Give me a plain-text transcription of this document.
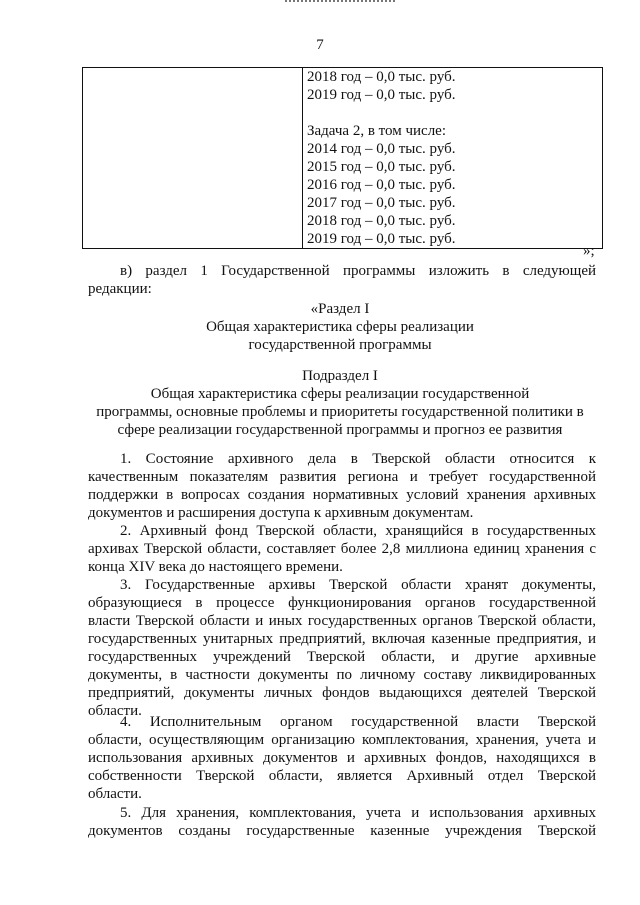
7

2018 год – 0,0 тыс. руб.
2019 год – 0,0 тыс. руб.
Задача 2, в том числе:
2014 год – 0,0 тыс. руб.
2015 год – 0,0 тыс. руб.
2016 год – 0,0 тыс. руб.
2017 год – 0,0 тыс. руб.
2018 год – 0,0 тыс. руб.
2019 год – 0,0 тыс. руб.
»;
в) раздел 1 Государственной программы изложить в следующей
редакции:
«Раздел I
Общая характеристика сферы реализации
государственной программы
Подраздел I
Общая характеристика сферы реализации государственной
программы, основные проблемы и приоритеты государственной политики в
сфере реализации государственной программы и прогноз ее развития
1. Состояние архивного дела в Тверской области относится к
качественным показателям развития региона и требует государственной
поддержки в вопросах создания нормативных условий хранения архивных
документов и расширения доступа к архивным документам.
2. Архивный фонд Тверской области, хранящийся в государственных
архивах Тверской области, составляет более 2,8 миллиона единиц хранения с
конца XIV века до настоящего времени.
3. Государственные архивы Тверской области хранят документы,
образующиеся в процессе функционирования органов государственной
власти Тверской области и иных государственных органов Тверской области,
государственных унитарных предприятий, включая казенные предприятия, и
государственных учреждений Тверской области, и другие архивные
документы, в частности документы по личному составу ликвидированных
предприятий, документы личных фондов выдающихся деятелей Тверской
области.
4. Исполнительным органом государственной власти Тверской
области, осуществляющим организацию комплектования, хранения, учета и
использования архивных документов и архивных фондов, находящихся в
собственности Тверской области, является Архивный отдел Тверской
области.
5. Для хранения, комплектования, учета и использования архивных
документов созданы государственные казенные учреждения Тверской
